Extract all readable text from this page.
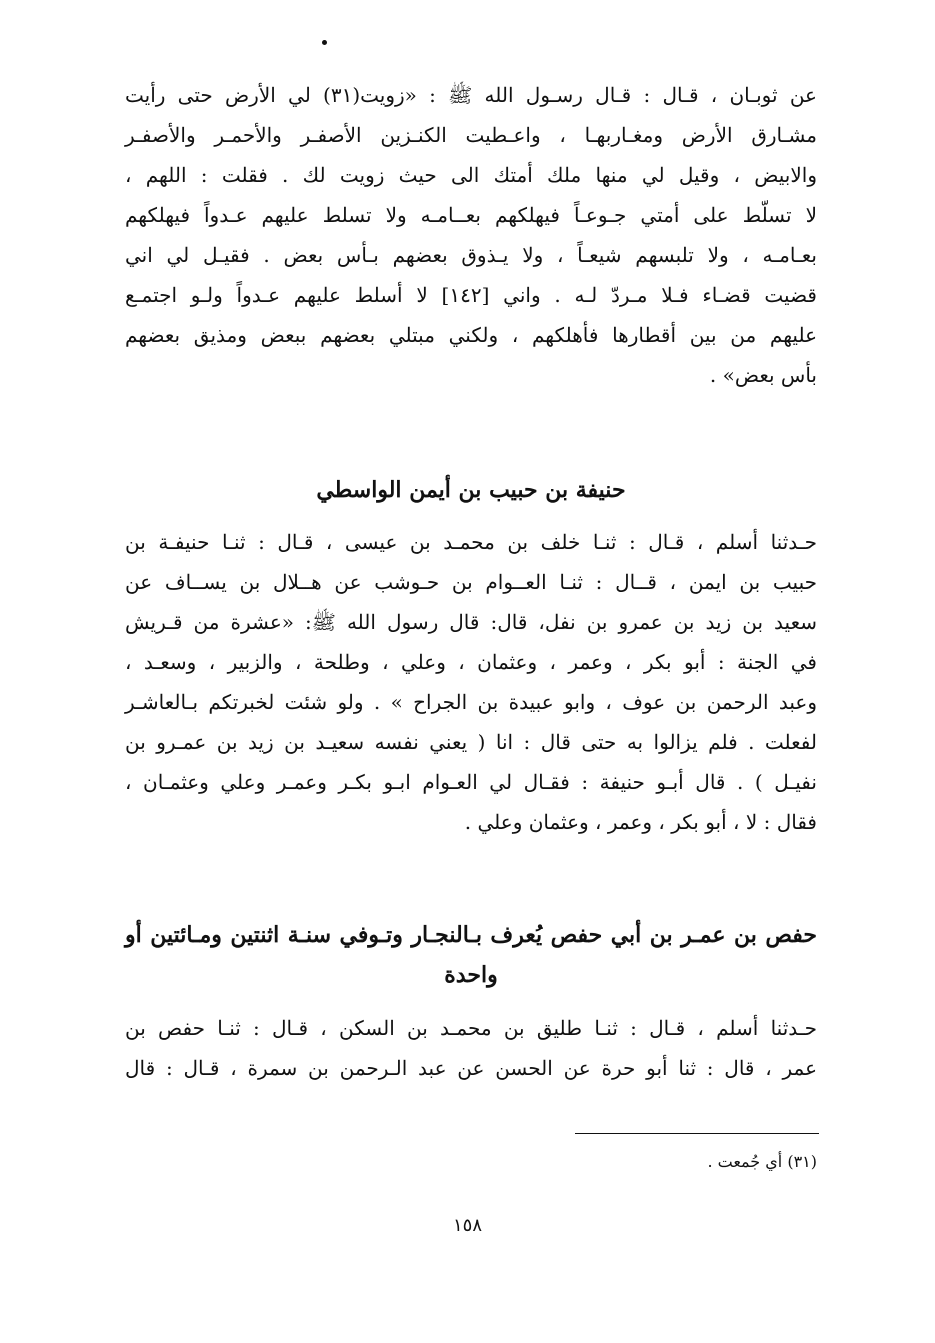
عن ثوبـان ، قـال : قـال رسـول الله ﷺ : «زويت(٣١) لي الأرض حتى رأيت

مشـارق الأرض ومغـاربهـا ، واعـطيت الكنـزين الأصفـر والأحمـر والأصفـر

والابيض ، وقيل لي منها ملك أمتك الى حيث زويت لك . فقلت : اللهم ،

لا تسلّط على أمتي جـوعـاً فيهلكهم بعــامـه ولا تسلط عليهم عـدواً فيهلكهم

بعـامـه ، ولا تلبسهم شيعـاً ، ولا يـذوق بعضهم بـأس بعض . فقيـل لي اني

قضيت قضـاء فـلا مـردّ لـه . واني [١٤٢] لا أسلط عليهم عـدواً ولـو اجتمـع

عليهم من بين أقطارها فأهلكهم ، ولكني مبتلي بعضهم ببعض ومذيق بعضهم

بأس بعض» .

حنيفة بن حبيب بن أيمن الواسطي

حـدثنا أسلم ، قـال : ثنـا خلف بن محمـد بن عيسى ، قـال : ثنـا حنيفـة بن

حبيب بن ايمن ، قــال : ثنـا العــوام بن حـوشب عن هــلال بن يســاف عن

سعيد بن زيد بن عمرو بن نفل، قال: قال رسول الله ﷺ: «عشرة من قـريش

في الجنة : أبو بكر ، وعمر ، وعثمان ، وعلي ، وطلحة ، والزبير ، وسعـد ،

وعبد الرحمن بن عوف ، وابو عبيدة بن الجراح » . ولو شئت لخبرتكم بـالعاشـر

لفعلت . فلم يزالوا به حتى قال : انا ( يعني نفسه سعيـد بن زيد بن عمـرو بن

نفيـل ) . قال أبـو حنيفة : فقـال لي العـوام ابـو بكـر وعمـر وعلي وعثمـان ،

فقال : لا ، أبو بكر ، وعمر ، وعثمان وعلي .

حفص بن عمـر بن أبي حفص يُعرف بـالنجـار وتـوفي سنـة اثنتين ومـائتين أو

واحدة

حـدثنا أسلم ، قـال : ثنـا طليق بن محمـد بن السكن ، قـال : ثنـا حفص بن

عمر ، قال : ثنا أبو حرة عن الحسن عن عبد الـرحمن بن سمرة ، قـال : قال

(٣١) أي جُمعت .
١٥٨
